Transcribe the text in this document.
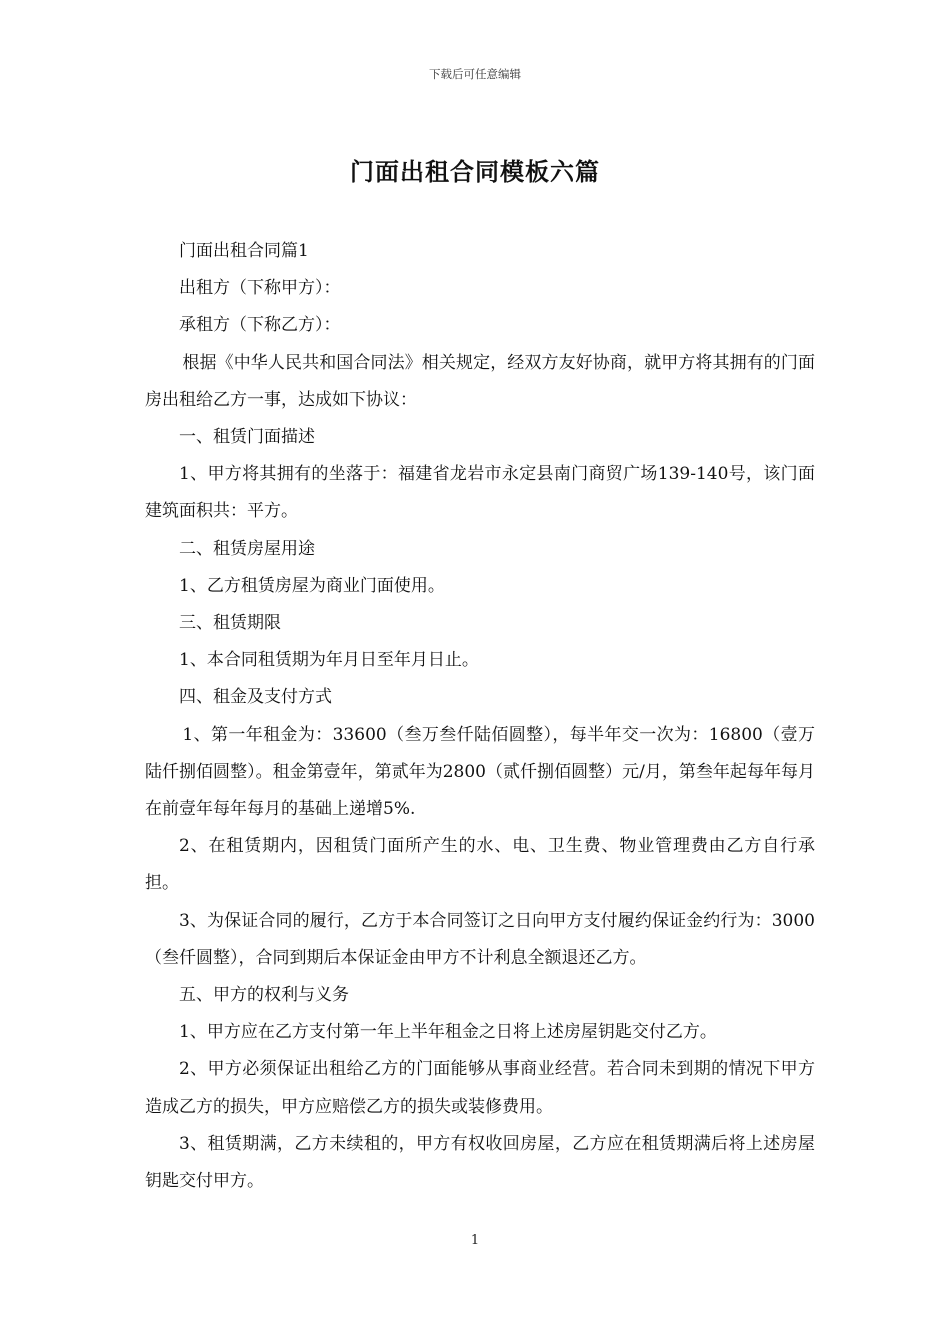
下载后可任意编辑
门面出租合同模板六篇

门面出租合同篇1

出租方（下称甲方）：

承租方（下称乙方）：

根据《中华人民共和国合同法》相关规定，经双方友好协商，就甲方将其拥有的门面房出租给乙方一事，达成如下协议：

一、租赁门面描述

1、甲方将其拥有的坐落于：福建省龙岩市永定县南门商贸广场139-140号，该门面建筑面积共：平方。

二、租赁房屋用途

1、乙方租赁房屋为商业门面使用。

三、租赁期限

1、本合同租赁期为年月日至年月日止。

四、租金及支付方式

1、第一年租金为：33600（叁万叁仟陆佰圆整），每半年交一次为：16800（壹万陆仟捌佰圆整）。租金第壹年，第贰年为2800（贰仟捌佰圆整）元/月，第叁年起每年每月在前壹年每年每月的基础上递增5%.

2、在租赁期内，因租赁门面所产生的水、电、卫生费、物业管理费由乙方自行承担。

3、为保证合同的履行，乙方于本合同签订之日向甲方支付履约保证金约行为：3000（叁仟圆整），合同到期后本保证金由甲方不计利息全额退还乙方。

五、甲方的权利与义务

1、甲方应在乙方支付第一年上半年租金之日将上述房屋钥匙交付乙方。

2、甲方必须保证出租给乙方的门面能够从事商业经营。若合同未到期的情况下甲方造成乙方的损失，甲方应赔偿乙方的损失或装修费用。

3、租赁期满，乙方未续租的，甲方有权收回房屋，乙方应在租赁期满后将上述房屋钥匙交付甲方。

1
